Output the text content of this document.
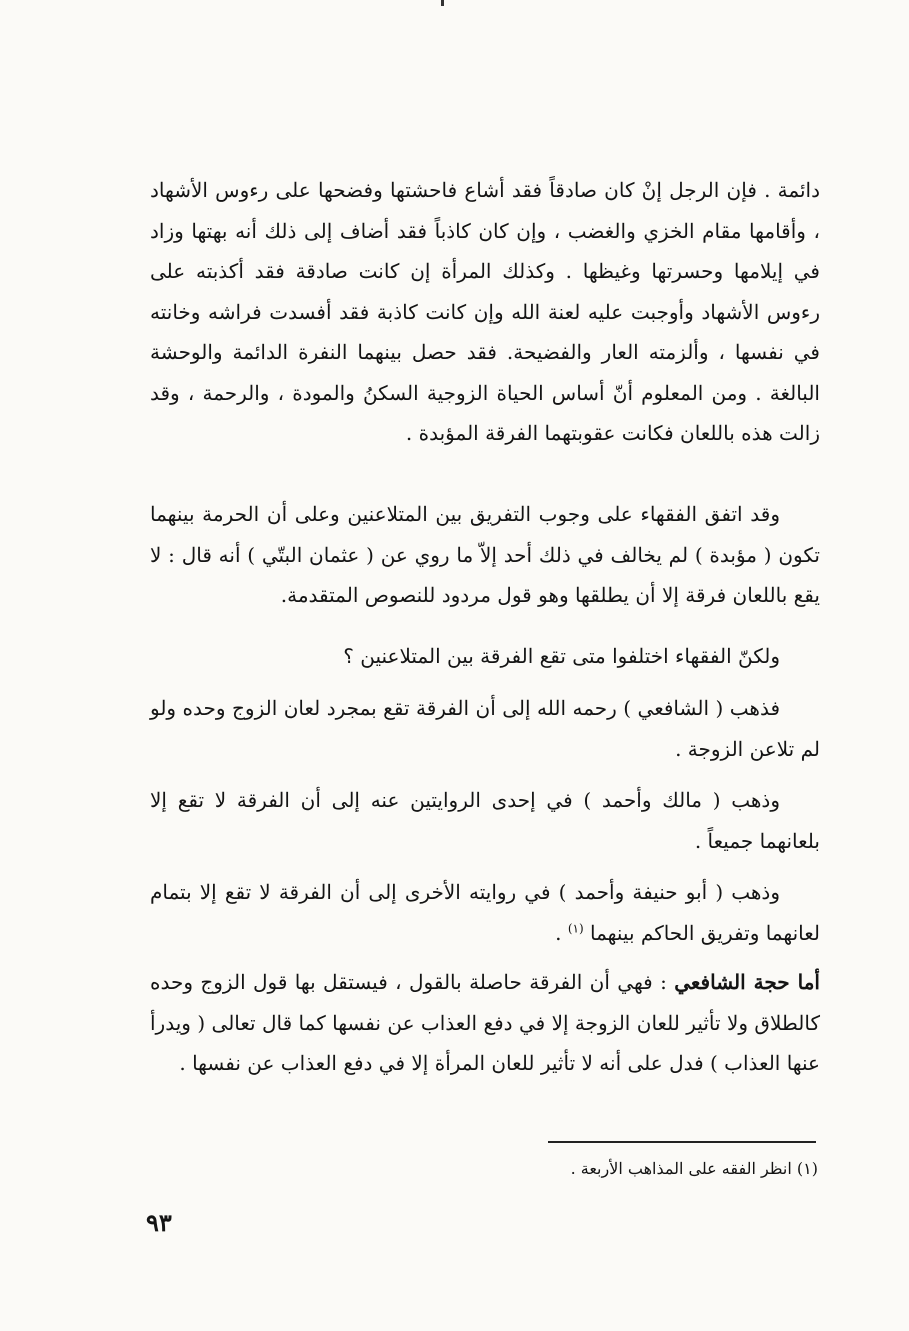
دائمة . فإن الرجل إنْ كان صادقاً فقد أشاع فاحشتها وفضحها على رءوس الأشهاد ، وأقامها مقام الخزي والغضب ، وإن كان كاذباً فقد أضاف إلى ذلك أنه بهتها وزاد في إيلامها وحسرتها وغيظها . وكذلك المرأة إن كانت صادقة فقد أكذبته على رءوس الأشهاد وأوجبت عليه لعنة الله وإن كانت كاذبة فقد أفسدت فراشه وخانته في نفسها ، وألزمته العار والفضيحة. فقد حصل بينهما النفرة الدائمة والوحشة البالغة . ومن المعلوم أنّ أساس الحياة الزوجية السكنُ والمودة ، والرحمة ، وقد زالت هذه باللعان فكانت عقوبتهما الفرقة المؤبدة .

وقد اتفق الفقهاء على وجوب التفريق بين المتلاعنين وعلى أن الحرمة بينهما تكون ( مؤبدة ) لم يخالف في ذلك أحد إلاّ ما روي عن ( عثمان البتّي ) أنه قال : لا يقع باللعان فرقة إلا أن يطلقها وهو قول مردود للنصوص المتقدمة.

ولكنّ الفقهاء اختلفوا متى تقع الفرقة بين المتلاعنين ؟

فذهب ( الشافعي ) رحمه الله إلى أن الفرقة تقع بمجرد لعان الزوج وحده ولو لم تلاعن الزوجة .

وذهب ( مالك وأحمد ) في إحدى الروايتين عنه إلى أن الفرقة لا تقع إلا بلعانهما جميعاً .

وذهب ( أبو حنيفة وأحمد ) في روايته الأخرى إلى أن الفرقة لا تقع إلا بتمام لعانهما وتفريق الحاكم بينهما $^{(١)}$ .

أما حجة الشافعي : فهي أن الفرقة حاصلة بالقول ، فيستقل بها قول الزوج وحده كالطلاق ولا تأثير للعان الزوجة إلا في دفع العذاب عن نفسها كما قال تعالى ( ويدرأ عنها العذاب ) فدل على أنه لا تأثير للعان المرأة إلا في دفع العذاب عن نفسها .

(١) انظر الفقه على المذاهب الأربعة .
٩٣
